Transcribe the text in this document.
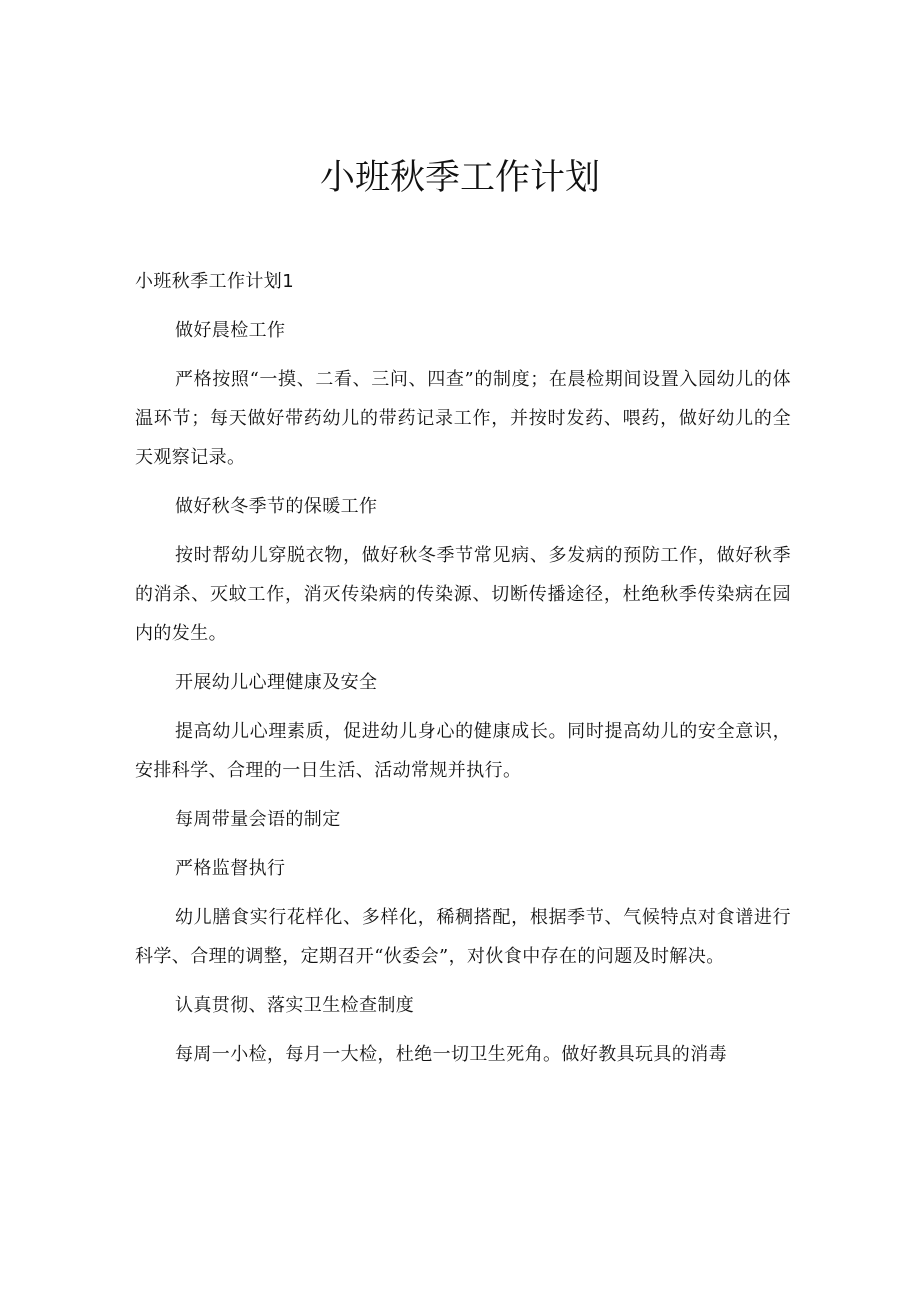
小班秋季工作计划
小班秋季工作计划1
做好晨检工作
严格按照“一摸、二看、三问、四查”的制度；在晨检期间设置入园幼儿的体温环节；每天做好带药幼儿的带药记录工作，并按时发药、喂药，做好幼儿的全天观察记录。
做好秋冬季节的保暖工作
按时帮幼儿穿脱衣物，做好秋冬季节常见病、多发病的预防工作，做好秋季的消杀、灭蚊工作，消灭传染病的传染源、切断传播途径，杜绝秋季传染病在园内的发生。
开展幼儿心理健康及安全
提高幼儿心理素质，促进幼儿身心的健康成长。同时提高幼儿的安全意识，安排科学、合理的一日生活、活动常规并执行。
每周带量会语的制定
严格监督执行
幼儿膳食实行花样化、多样化，稀稠搭配，根据季节、气候特点对食谱进行科学、合理的调整，定期召开“伙委会”，对伙食中存在的问题及时解决。
认真贯彻、落实卫生检查制度
每周一小检，每月一大检，杜绝一切卫生死角。做好教具玩具的消毒
